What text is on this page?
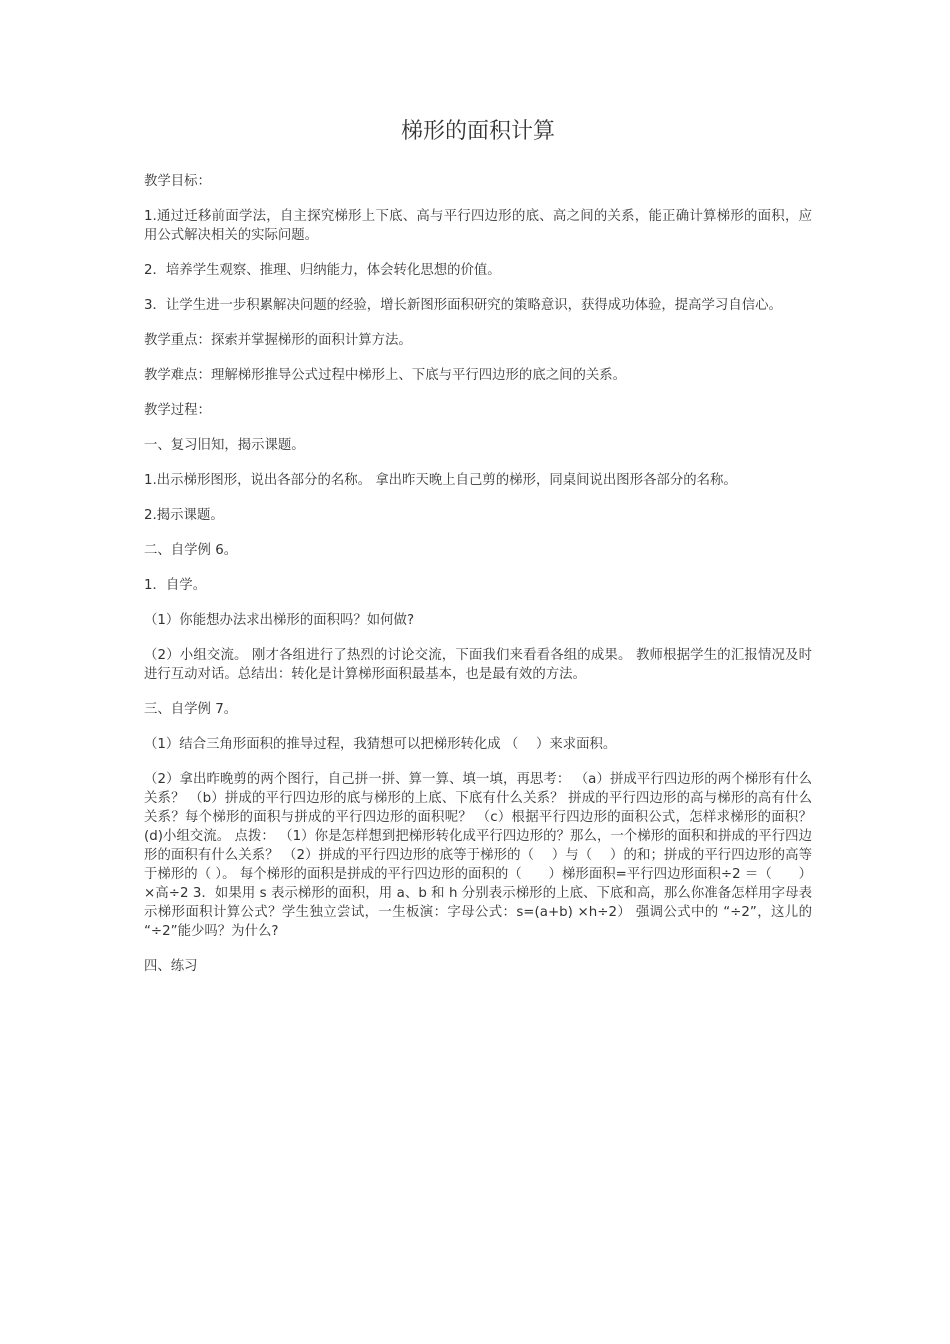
梯形的面积计算

教学目标：

1.通过迁移前面学法，自主探究梯形上下底、高与平行四边形的底、高之间的关系，能正确计算梯形的面积，应用公式解决相关的实际问题。

2．培养学生观察、推理、归纳能力，体会转化思想的价值。

3．让学生进一步积累解决问题的经验，增长新图形面积研究的策略意识，获得成功体验，提高学习自信心。

教学重点：探索并掌握梯形的面积计算方法。

教学难点：理解梯形推导公式过程中梯形上、下底与平行四边形的底之间的关系。

教学过程：

一、复习旧知，揭示课题。

1.出示梯形图形，说出各部分的名称。 拿出昨天晚上自己剪的梯形，同桌间说出图形各部分的名称。

2.揭示课题。

二、自学例 6。

1．自学。

（1）你能想办法求出梯形的面积吗？如何做?

（2）小组交流。 刚才各组进行了热烈的讨论交流，下面我们来看看各组的成果。 教师根据学生的汇报情况及时进行互动对话。总结出：转化是计算梯形面积最基本，也是最有效的方法。

三、自学例 7。

（1）结合三角形面积的推导过程，我猜想可以把梯形转化成 （　 ）来求面积。

（2）拿出昨晚剪的两个图行，自己拼一拼、算一算、填一填，再思考： （a）拼成平行四边形的两个梯形有什么关系？ （b）拼成的平行四边形的底与梯形的上底、下底有什么关系？ 拼成的平行四边形的高与梯形的高有什么关系？每个梯形的面积与拼成的平行四边形的面积呢？ （c）根据平行四边形的面积公式，怎样求梯形的面积？ (d)小组交流。 点拨： （1）你是怎样想到把梯形转化成平行四边形的？那么，一个梯形的面积和拼成的平行四边形的面积有什么关系？ （2）拼成的平行四边形的底等于梯形的（　 ）与（　 ）的和；拼成的平行四边形的高等于梯形的（ ）。 每个梯形的面积是拼成的平行四边形的面积的（　　）梯形面积=平行四边形面积÷2 ＝（　　）×高÷2 3．如果用 s 表示梯形的面积，用 a、b 和 h 分别表示梯形的上底、下底和高，那么你准备怎样用字母表示梯形面积计算公式？学生独立尝试，一生板演：字母公式：s=(a+b) ×h÷2） 强调公式中的 “÷2”，这儿的 “÷2”能少吗？为什么?

四、练习
